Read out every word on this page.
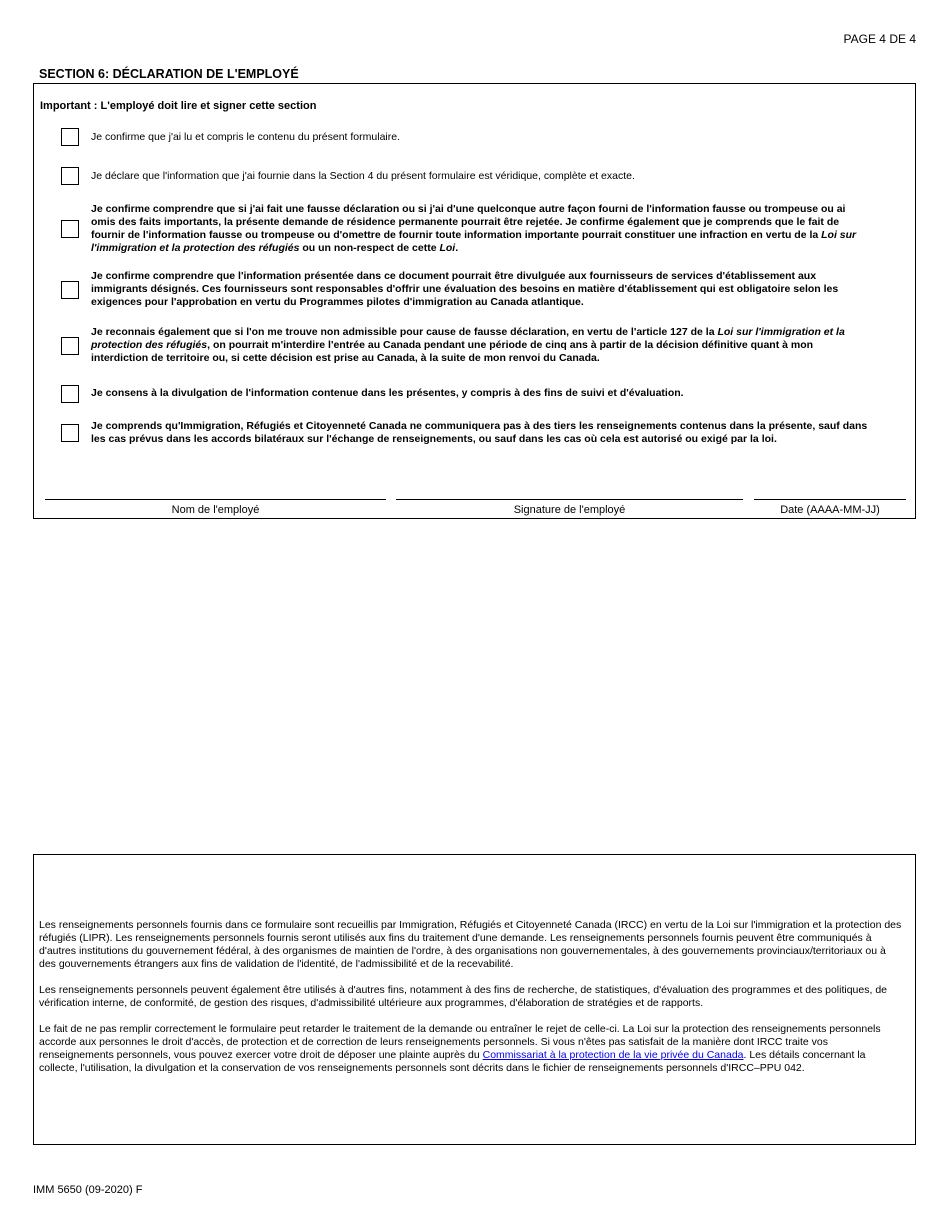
PAGE 4 DE 4
SECTION 6: DÉCLARATION DE L'EMPLOYÉ
Important : L'employé doit lire et signer cette section
Je confirme que j'ai lu et compris le contenu du présent formulaire.
Je déclare que l'information que j'ai fournie dans la Section 4 du présent formulaire est véridique, complète et exacte.
Je confirme comprendre que si j'ai fait une fausse déclaration ou si j'ai d'une quelconque autre façon fourni de l'information fausse ou trompeuse ou ai omis des faits importants, la présente demande de résidence permanente pourrait être rejetée. Je confirme également que je comprends que le fait de fournir de l'information fausse ou trompeuse ou d'omettre de fournir toute information importante pourrait constituer une infraction en vertu de la Loi sur l'immigration et la protection des réfugiés ou un non-respect de cette Loi.
Je confirme comprendre que l'information présentée dans ce document pourrait être divulguée aux fournisseurs de services d'établissement aux immigrants désignés. Ces fournisseurs sont responsables d'offrir une évaluation des besoins en matière d'établissement qui est obligatoire selon les exigences pour l'approbation en vertu du Programmes pilotes d'immigration au Canada atlantique.
Je reconnais également que si l'on me trouve non admissible pour cause de fausse déclaration, en vertu de l'article 127 de la Loi sur l'immigration et la protection des réfugiés, on pourrait m'interdire l'entrée au Canada pendant une période de cinq ans à partir de la décision définitive quant à mon interdiction de territoire ou, si cette décision est prise au Canada, à la suite de mon renvoi du Canada.
Je consens à la divulgation de l'information contenue dans les présentes, y compris à des fins de suivi et d'évaluation.
Je comprends qu'Immigration, Réfugiés et Citoyenneté Canada ne communiquera pas à des tiers les renseignements contenus dans la présente, sauf dans les cas prévus dans les accords bilatéraux sur l'échange de renseignements, ou sauf dans les cas où cela est autorisé ou exigé par la loi.
Nom de l'employé	Signature de l'employé	Date (AAAA-MM-JJ)

Les renseignements personnels fournis dans ce formulaire sont recueillis par Immigration, Réfugiés et Citoyenneté Canada (IRCC) en vertu de la Loi sur l'immigration et la protection des réfugiés (LIPR). Les renseignements personnels fournis seront utilisés aux fins du traitement d'une demande. Les renseignements personnels fournis peuvent être communiqués à d'autres institutions du gouvernement fédéral, à des organismes de maintien de l'ordre, à des organisations non gouvernementales, à des gouvernements provinciaux/territoriaux ou à des gouvernements étrangers aux fins de validation de l'identité, de l'admissibilité et de la recevabilité.

Les renseignements personnels peuvent également être utilisés à d'autres fins, notamment à des fins de recherche, de statistiques, d'évaluation des programmes et des politiques, de vérification interne, de conformité, de gestion des risques, d'admissibilité ultérieure aux programmes, d'élaboration de stratégies et de rapports.

Le fait de ne pas remplir correctement le formulaire peut retarder le traitement de la demande ou entraîner le rejet de celle-ci. La Loi sur la protection des renseignements personnels accorde aux personnes le droit d'accès, de protection et de correction de leurs renseignements personnels. Si vous n'êtes pas satisfait de la manière dont IRCC traite vos renseignements personnels, vous pouvez exercer votre droit de déposer une plainte auprès du Commissariat à la protection de la vie privée du Canada. Les détails concernant la collecte, l'utilisation, la divulgation et la conservation de vos renseignements personnels sont décrits dans le fichier de renseignements personnels d'IRCC–PPU 042.

IMM 5650 (09-2020) F
